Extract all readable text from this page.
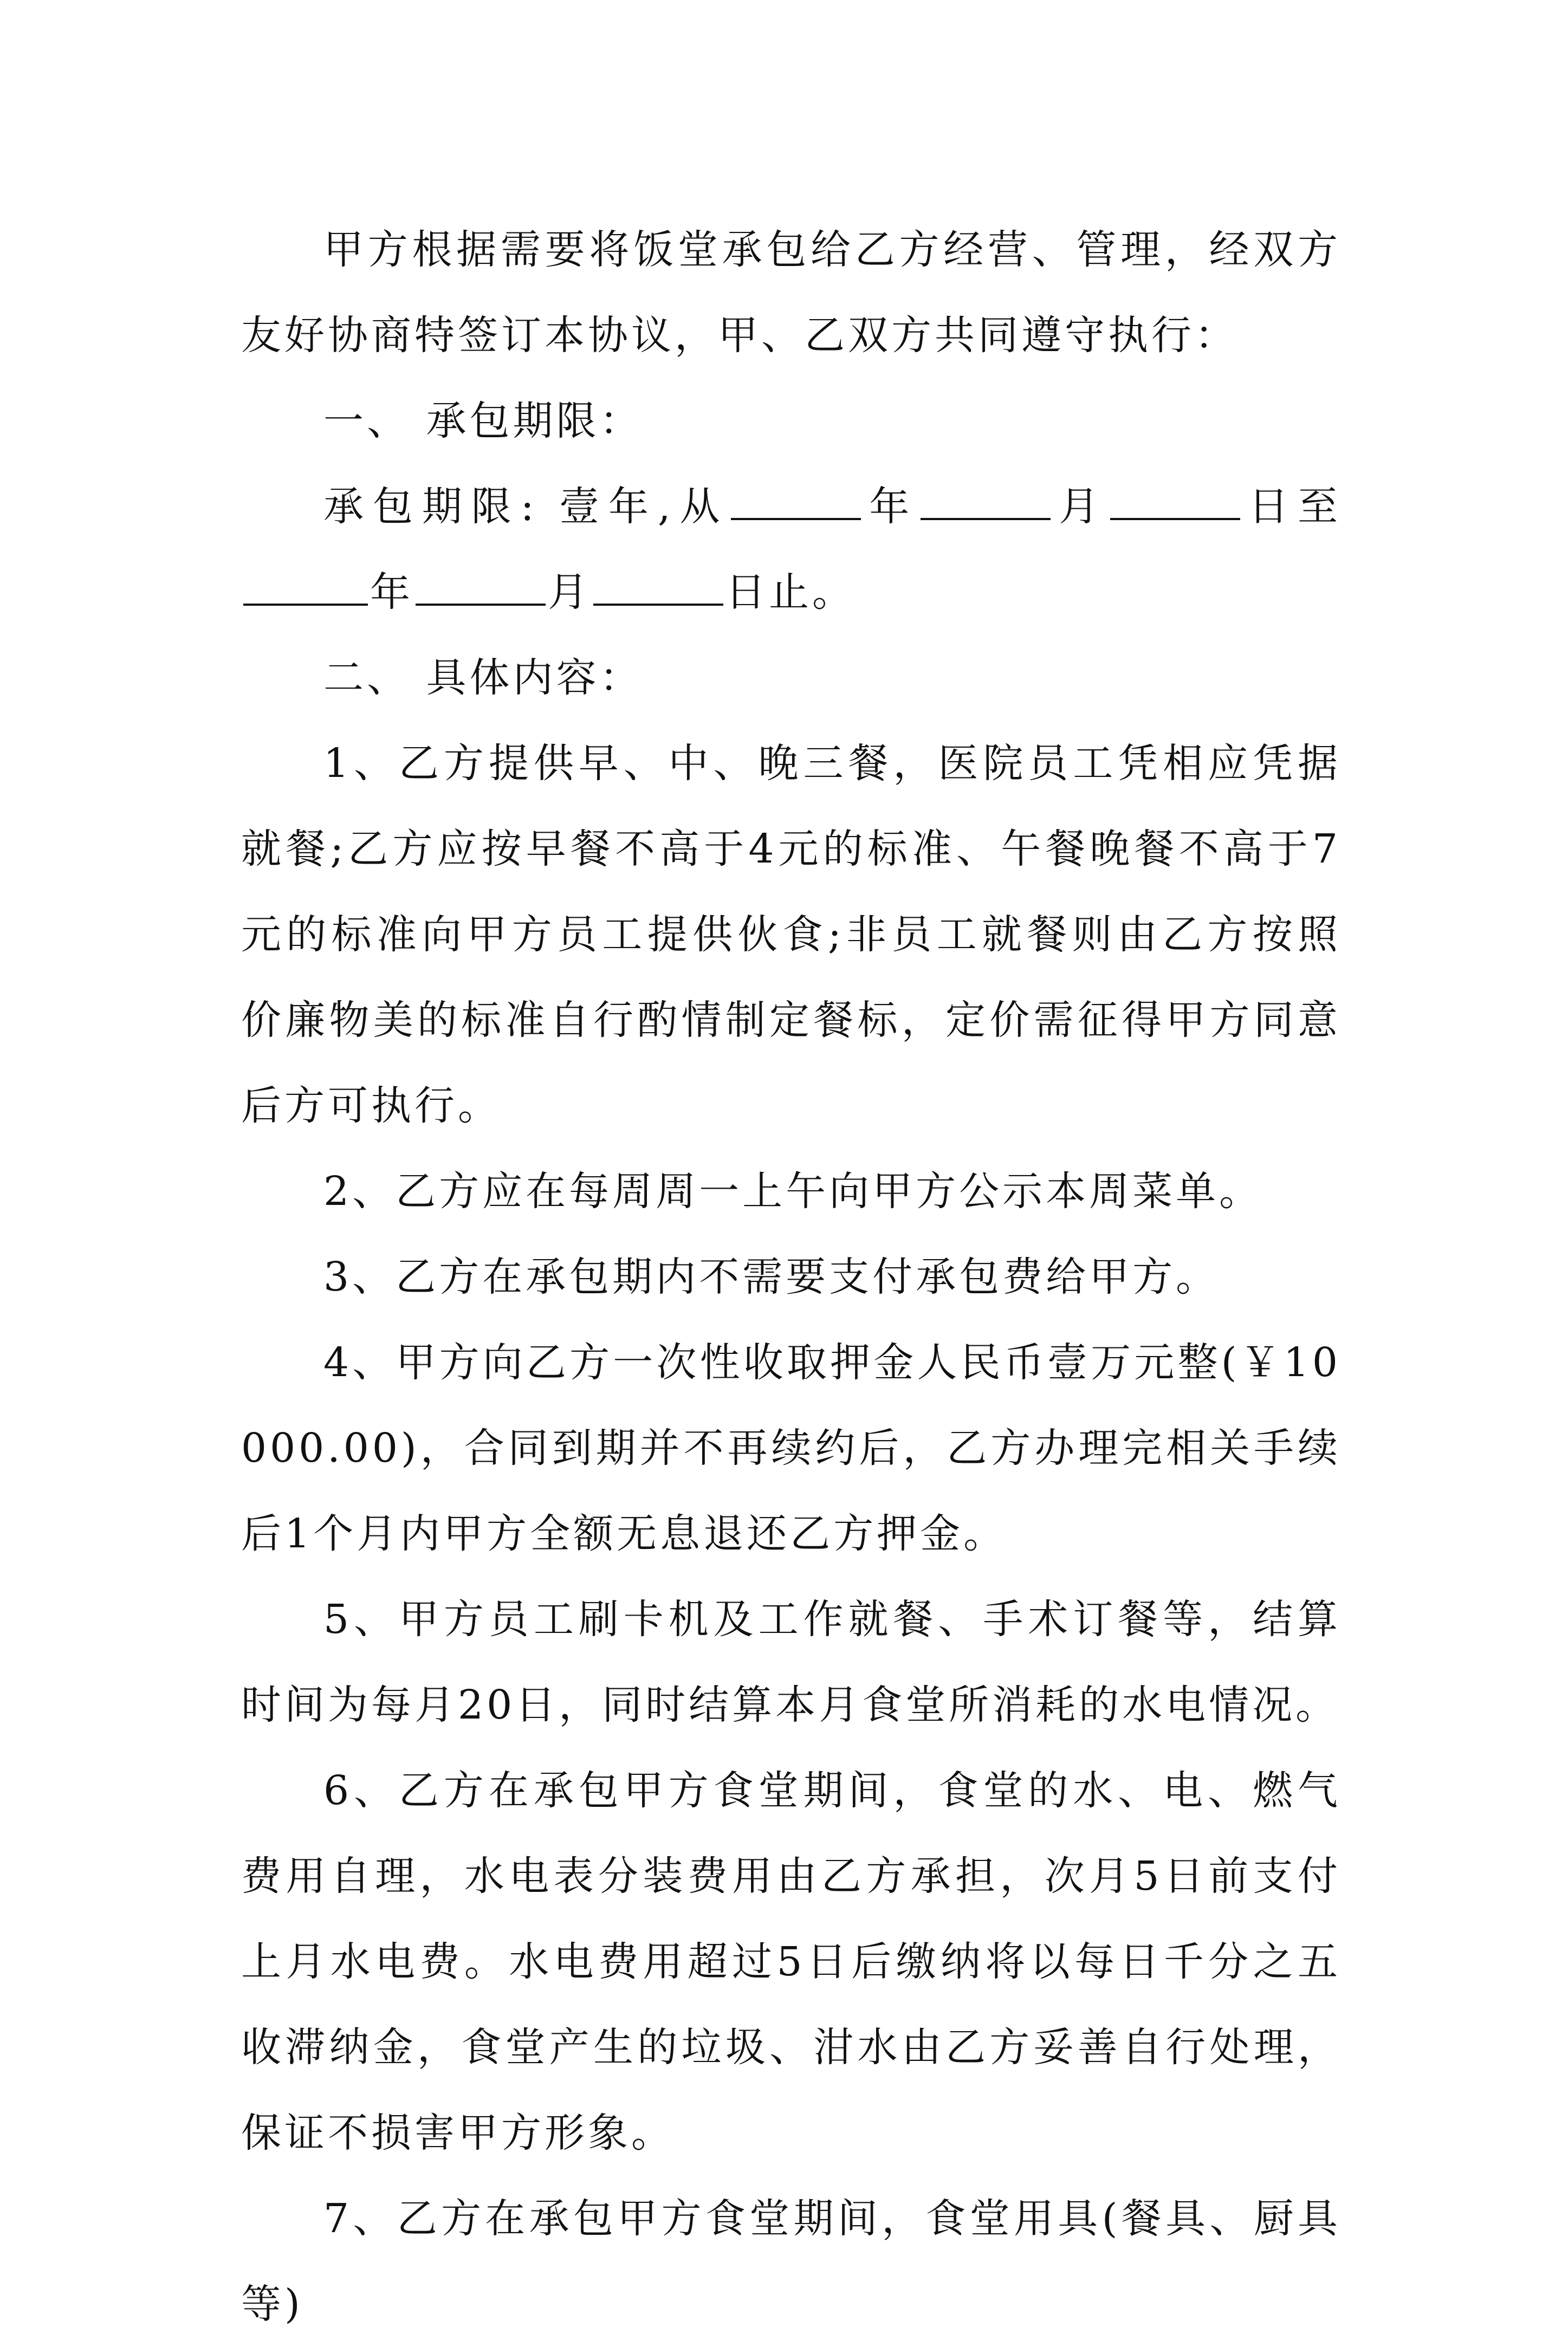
甲方根据需要将饭堂承包给乙方经营、管理，经双方友好协商特签订本协议，甲、乙双方共同遵守执行：

一、 承包期限：

承包期限: 壹年,从	年	月	日至年	月	日止。

二、 具体内容：

1、乙方提供早、中、晚三餐，医院员工凭相应凭据就餐;乙方应按早餐不高于4元的标准、午餐晚餐不高于7元的标准向甲方员工提供伙食;非员工就餐则由乙方按照价廉物美的标准自行酌情制定餐标，定价需征得甲方同意后方可执行。

2、乙方应在每周周一上午向甲方公示本周菜单。

3、乙方在承包期内不需要支付承包费给甲方。

4、甲方向乙方一次性收取押金人民币壹万元整(￥10000.00)，合同到期并不再续约后，乙方办理完相关手续后1个月内甲方全额无息退还乙方押金。

5、甲方员工刷卡机及工作就餐、手术订餐等，结算时间为每月20日，同时结算本月食堂所消耗的水电情况。

6、乙方在承包甲方食堂期间，食堂的水、电、燃气费用自理，水电表分装费用由乙方承担，次月5日前支付上月水电费。水电费用超过5日后缴纳将以每日千分之五收滞纳金，食堂产生的垃圾、泔水由乙方妥善自行处理，保证不损害甲方形象。

7、乙方在承包甲方食堂期间，食堂用具(餐具、厨具等)
